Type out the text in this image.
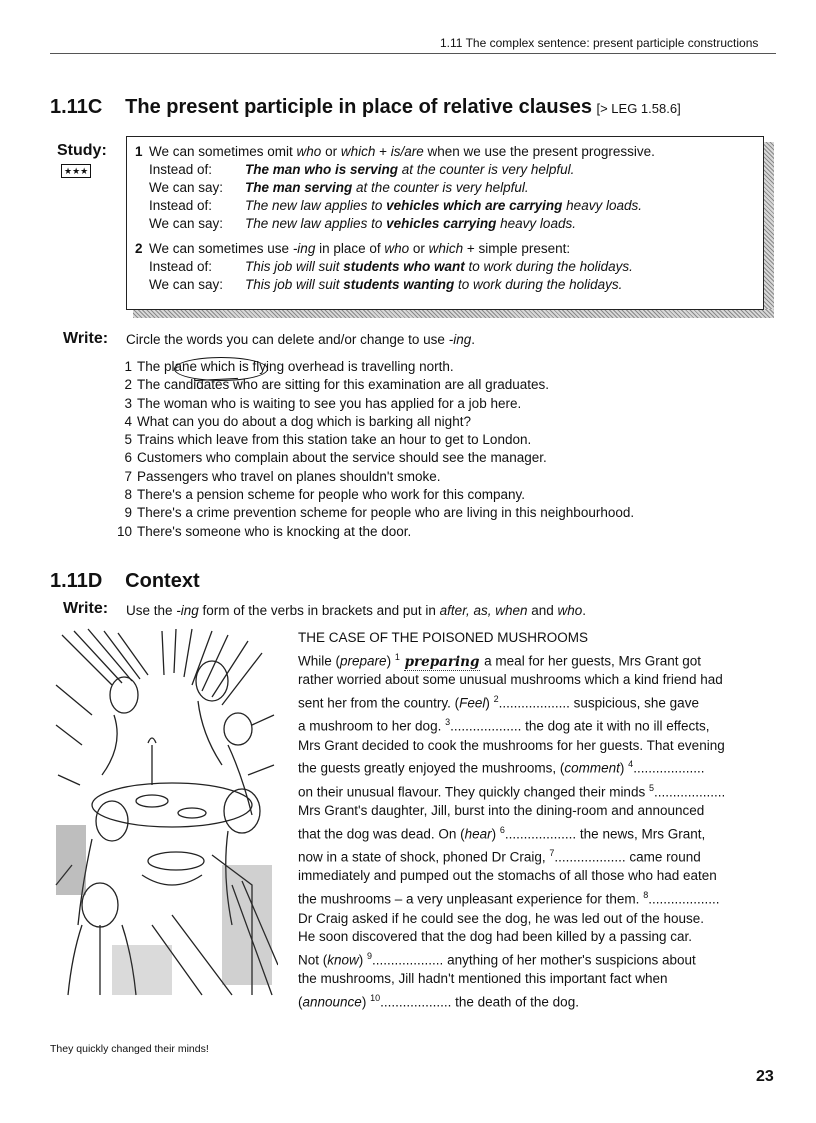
1.11 The complex sentence: present participle constructions
1.11C The present participle in place of relative clauses [> LEG 1.58.6]
Study:
★★★
1 We can sometimes omit who or which + is/are when we use the present progressive.
Instead of: The man who is serving at the counter is very helpful.
We can say: The man serving at the counter is very helpful.
Instead of: The new law applies to vehicles which are carrying heavy loads.
We can say: The new law applies to vehicles carrying heavy loads.
2 We can sometimes use -ing in place of who or which + simple present:
Instead of: This job will suit students who want to work during the holidays.
We can say: This job will suit students wanting to work during the holidays.
Write: Circle the words you can delete and/or change to use -ing.
1 The plane which is flying overhead is travelling north.
2 The candidates who are sitting for this examination are all graduates.
3 The woman who is waiting to see you has applied for a job here.
4 What can you do about a dog which is barking all night?
5 Trains which leave from this station take an hour to get to London.
6 Customers who complain about the service should see the manager.
7 Passengers who travel on planes shouldn't smoke.
8 There's a pension scheme for people who work for this company.
9 There's a crime prevention scheme for people who are living in this neighbourhood.
10 There's someone who is knocking at the door.
1.11D Context
Write: Use the -ing form of the verbs in brackets and put in after, as, when and who.
THE CASE OF THE POISONED MUSHROOMS
While (prepare) $^1$ preparing a meal for her guests, Mrs Grant got
rather worried about some unusual mushrooms which a kind friend had
sent her from the country. (Feel) $^2$................... suspicious, she gave
a mushroom to her dog. $^3$................... the dog ate it with no ill effects,
Mrs Grant decided to cook the mushrooms for her guests. That evening
the guests greatly enjoyed the mushrooms, (comment) $^4$...................
on their unusual flavour. They quickly changed their minds $^5$...................
Mrs Grant's daughter, Jill, burst into the dining-room and announced
that the dog was dead. On (hear) $^6$................... the news, Mrs Grant,
now in a state of shock, phoned Dr Craig, $^7$................... came round
immediately and pumped out the stomachs of all those who had eaten
the mushrooms – a very unpleasant experience for them. $^8$...................
Dr Craig asked if he could see the dog, he was led out of the house.
He soon discovered that the dog had been killed by a passing car.
Not (know) $^9$................... anything of her mother's suspicions about
the mushrooms, Jill hadn't mentioned this important fact when
(announce) $^{10}$................... the death of the dog.
They quickly changed their minds!
23
